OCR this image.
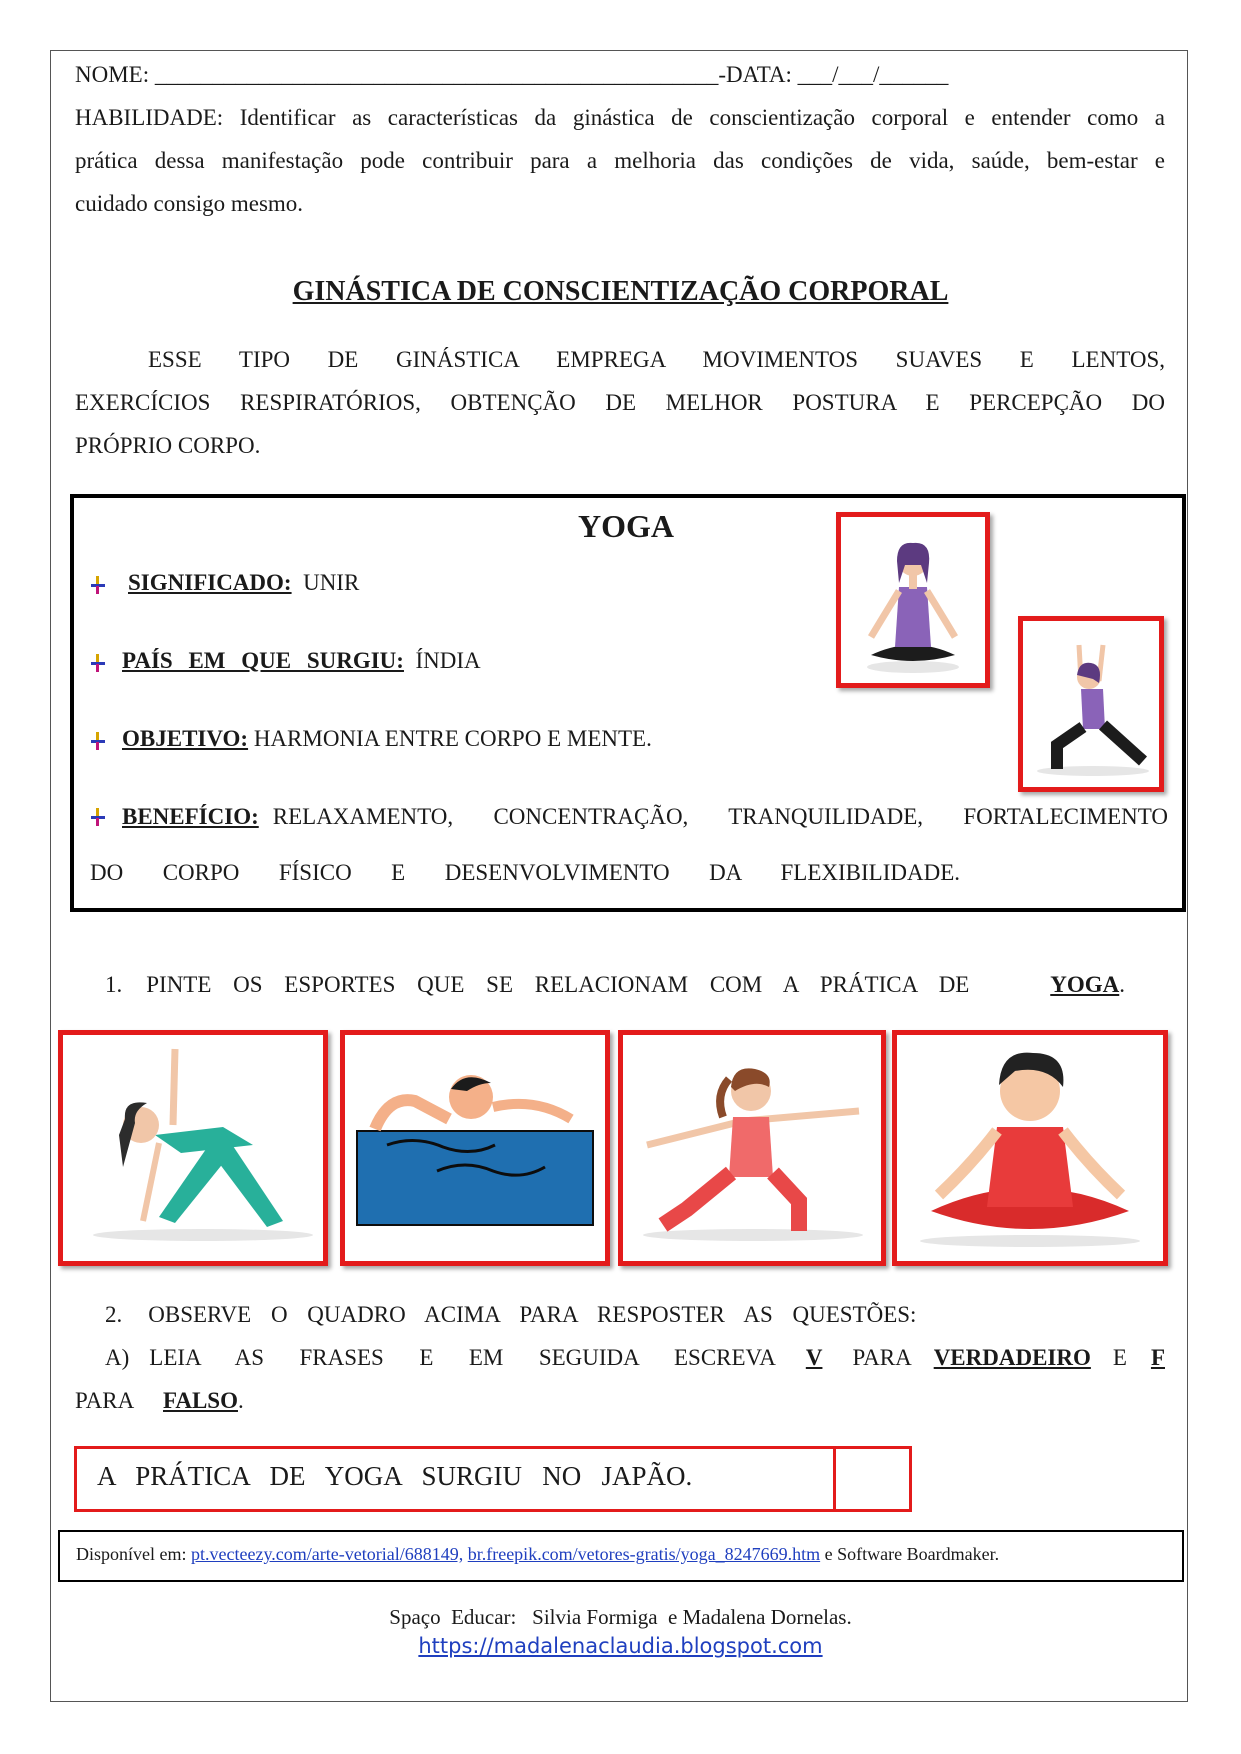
NOME: _________________________________________________-DATA: ___/___/______
HABILIDADE: Identificar as características da ginástica de conscientização corporal e entender como a
prática dessa manifestação pode contribuir para a melhoria das condições de vida, saúde, bem-estar e
cuidado consigo mesmo.
GINÁSTICA DE CONSCIENTIZAÇÃO CORPORAL
ESSE TIPO DE GINÁSTICA EMPREGA MOVIMENTOS SUAVES E LENTOS,
EXERCÍCIOS RESPIRATÓRIOS, OBTENÇÃO DE MELHOR POSTURA E PERCEPÇÃO DO
PRÓPRIO CORPO.
YOGA
SIGNIFICADO: UNIR
PAÍS EM QUE SURGIU: ÍNDIA
OBJETIVO: HARMONIA ENTRE CORPO E MENTE.
BENEFÍCIO: RELAXAMENTO, CONCENTRAÇÃO, TRANQUILIDADE, FORTALECIMENTO
DO CORPO FÍSICO E DESENVOLVIMENTO DA FLEXIBILIDADE.
1. PINTE OS ESPORTES QUE SE RELACIONAM COM A PRÁTICA DE	YOGA.
2. OBSERVE O QUADRO ACIMA PARA RESPOSTER AS QUESTÕES:
A) LEIA AS FRASES E EM SEGUIDA ESCREVA V PARA VERDADEIRO E F
PARA FALSO.
A   PRÁTICA   DE   YOGA   SURGIU   NO   JAPÃO.
Disponível em: pt.vecteezy.com/arte-vetorial/688149, br.freepik.com/vetores-gratis/yoga_8247669.htm e Software Boardmaker.
Spaço  Educar:   Silvia Formiga  e Madalena Dornelas.
https://madalenaclaudia.blogspot.com
